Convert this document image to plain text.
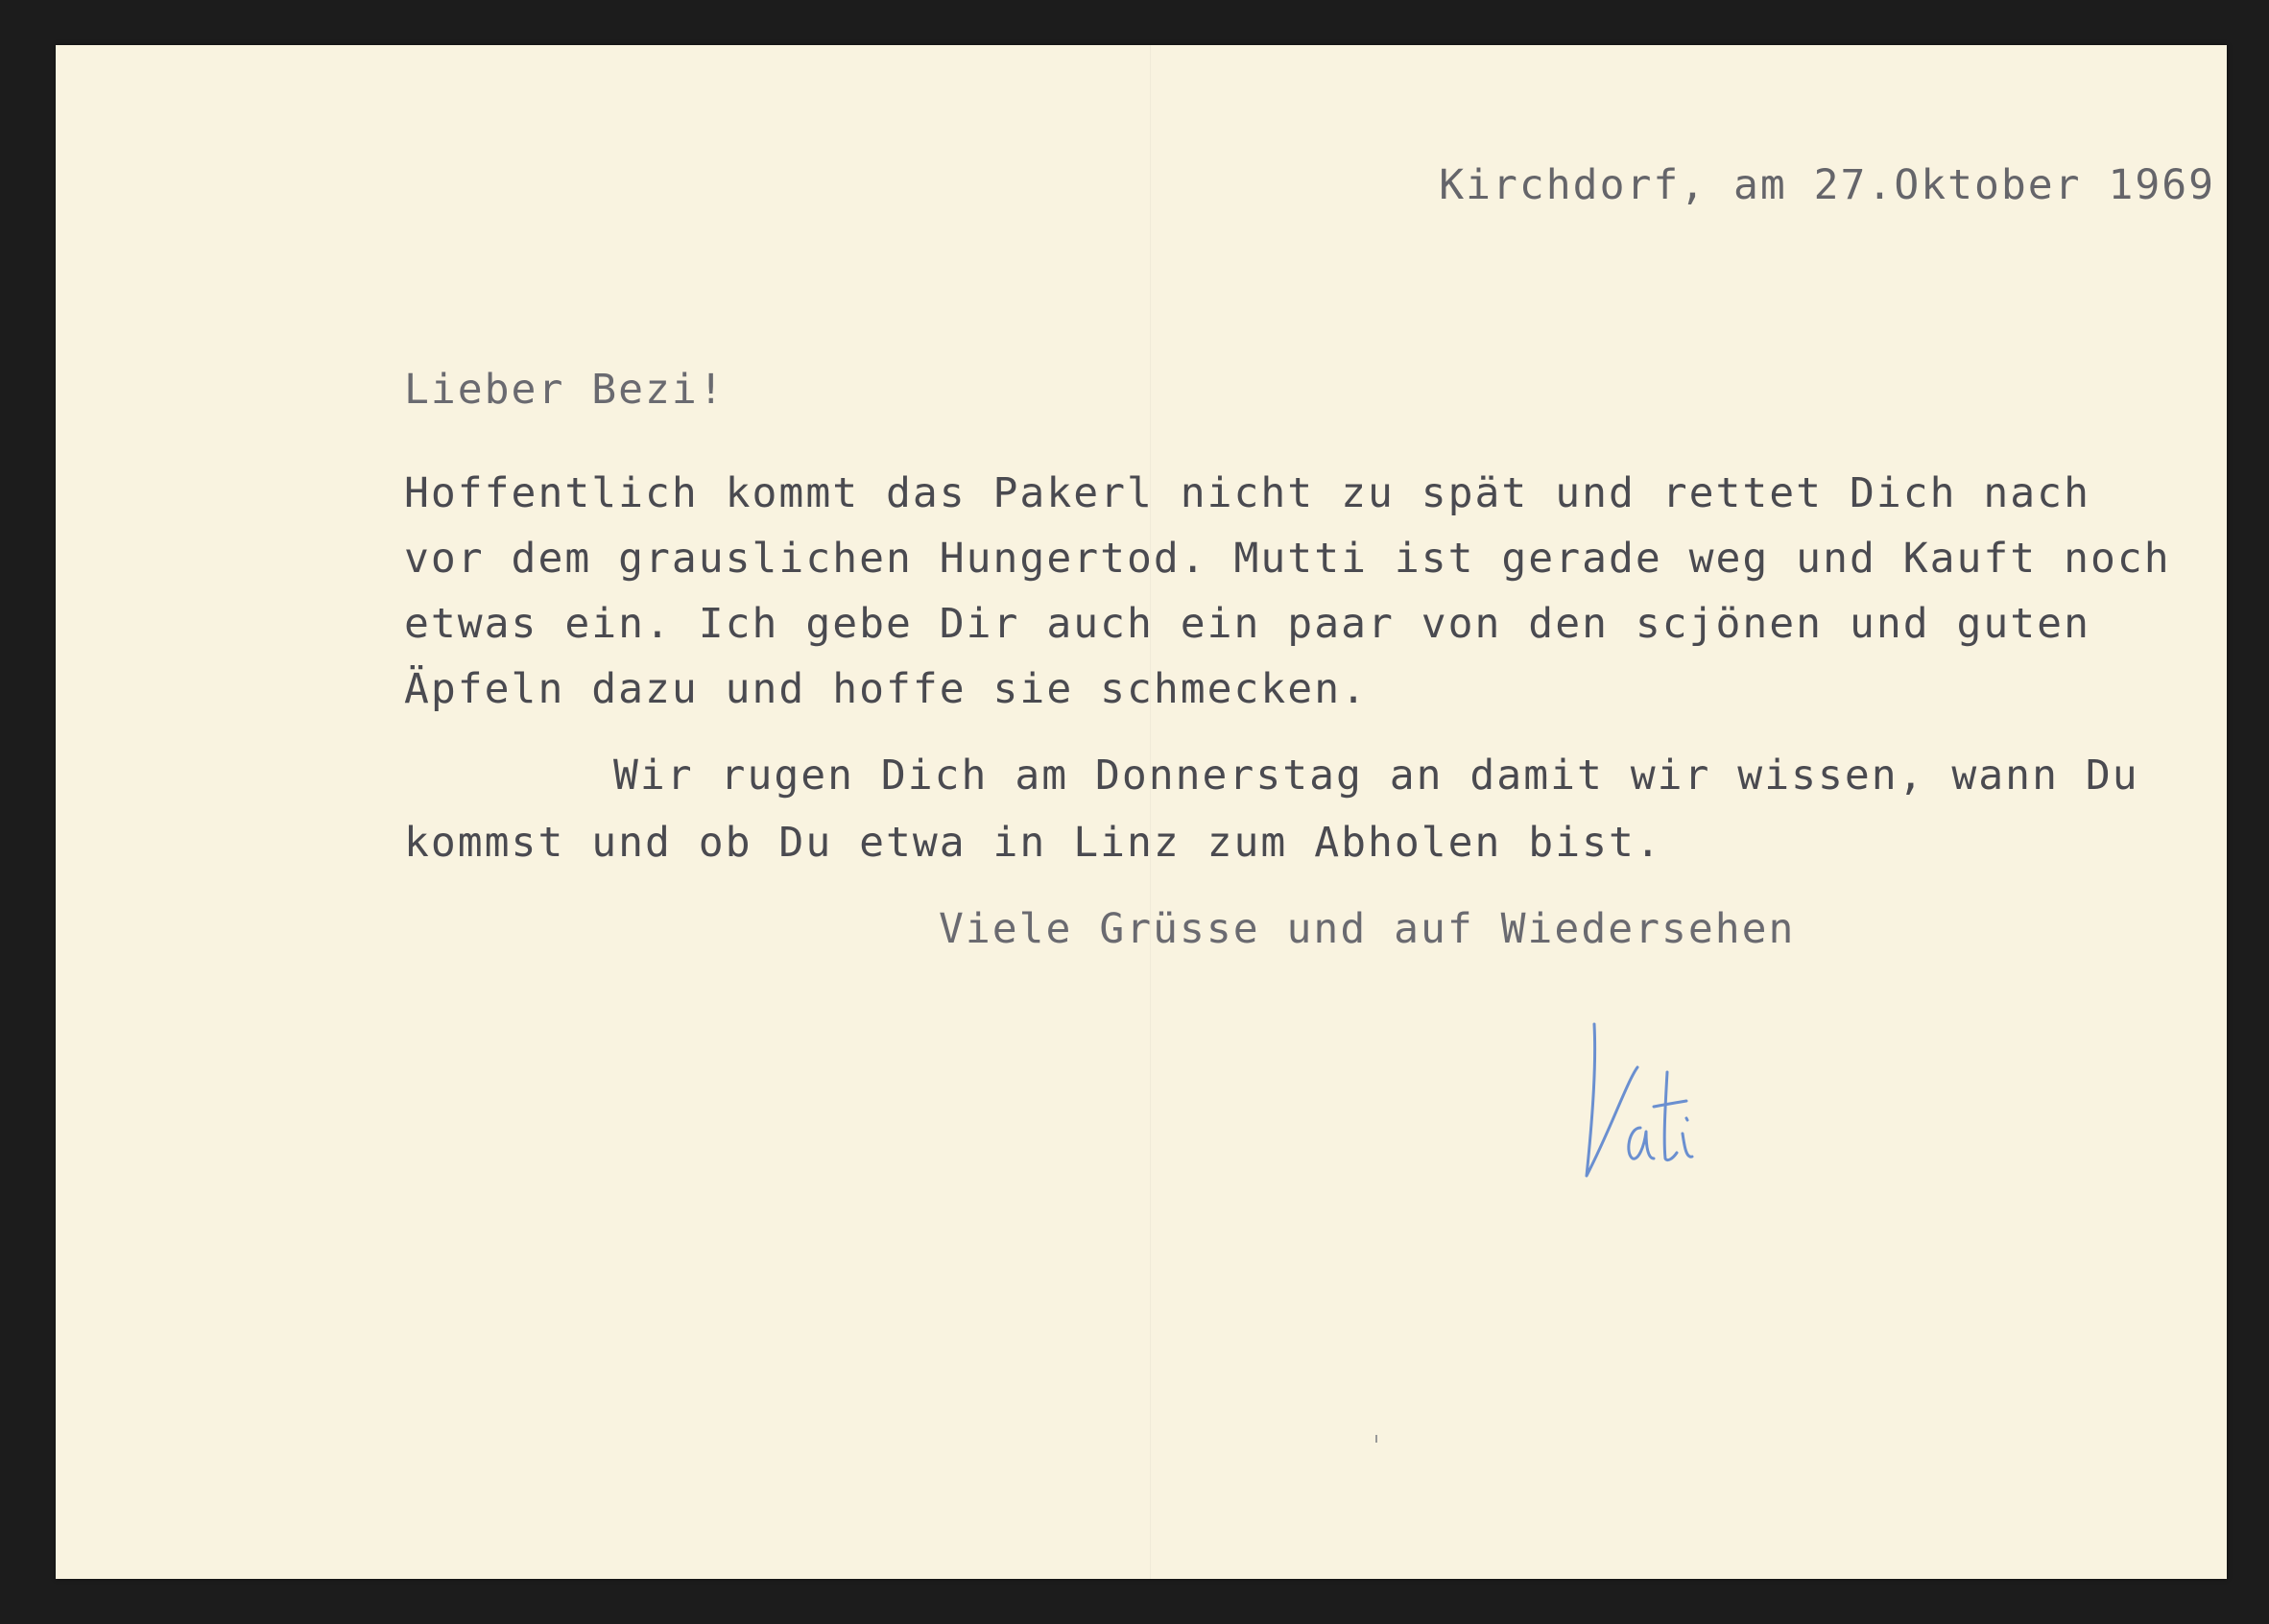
Kirchdorf, am 27.Oktober 1969
Lieber Bezi!
Hoffentlich kommt das Pakerl nicht zu spät und rettet Dich nach
vor dem grauslichen Hungertod. Mutti ist gerade weg und Kauft noch
etwas ein. Ich gebe Dir auch ein paar von den scjönen und guten
Äpfeln dazu und hoffe sie schmecken.
Wir rugen Dich am Donnerstag an damit wir wissen, wann Du
kommst und ob Du etwa in Linz zum Abholen bist.
Viele Grüsse und auf Wiedersehen
